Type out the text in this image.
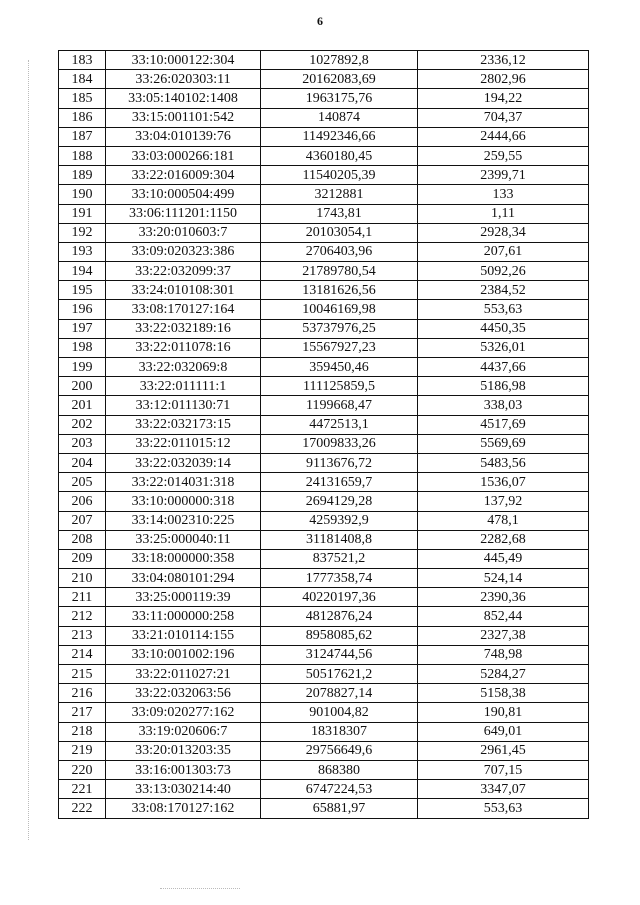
6
183	33:10:000122:304	1027892,8	2336,12
184	33:26:020303:11	20162083,69	2802,96
185	33:05:140102:1408	1963175,76	194,22
186	33:15:001101:542	140874	704,37
187	33:04:010139:76	11492346,66	2444,66
188	33:03:000266:181	4360180,45	259,55
189	33:22:016009:304	11540205,39	2399,71
190	33:10:000504:499	3212881	133
191	33:06:111201:1150	1743,81	1,11
192	33:20:010603:7	20103054,1	2928,34
193	33:09:020323:386	2706403,96	207,61
194	33:22:032099:37	21789780,54	5092,26
195	33:24:010108:301	13181626,56	2384,52
196	33:08:170127:164	10046169,98	553,63
197	33:22:032189:16	53737976,25	4450,35
198	33:22:011078:16	15567927,23	5326,01
199	33:22:032069:8	359450,46	4437,66
200	33:22:011111:1	111125859,5	5186,98
201	33:12:011130:71	1199668,47	338,03
202	33:22:032173:15	4472513,1	4517,69
203	33:22:011015:12	17009833,26	5569,69
204	33:22:032039:14	9113676,72	5483,56
205	33:22:014031:318	24131659,7	1536,07
206	33:10:000000:318	2694129,28	137,92
207	33:14:002310:225	4259392,9	478,1
208	33:25:000040:11	31181408,8	2282,68
209	33:18:000000:358	837521,2	445,49
210	33:04:080101:294	1777358,74	524,14
211	33:25:000119:39	40220197,36	2390,36
212	33:11:000000:258	4812876,24	852,44
213	33:21:010114:155	8958085,62	2327,38
214	33:10:001002:196	3124744,56	748,98
215	33:22:011027:21	50517621,2	5284,27
216	33:22:032063:56	2078827,14	5158,38
217	33:09:020277:162	901004,82	190,81
218	33:19:020606:7	18318307	649,01
219	33:20:013203:35	29756649,6	2961,45
220	33:16:001303:73	868380	707,15
221	33:13:030214:40	6747224,53	3347,07
222	33:08:170127:162	65881,97	553,63
